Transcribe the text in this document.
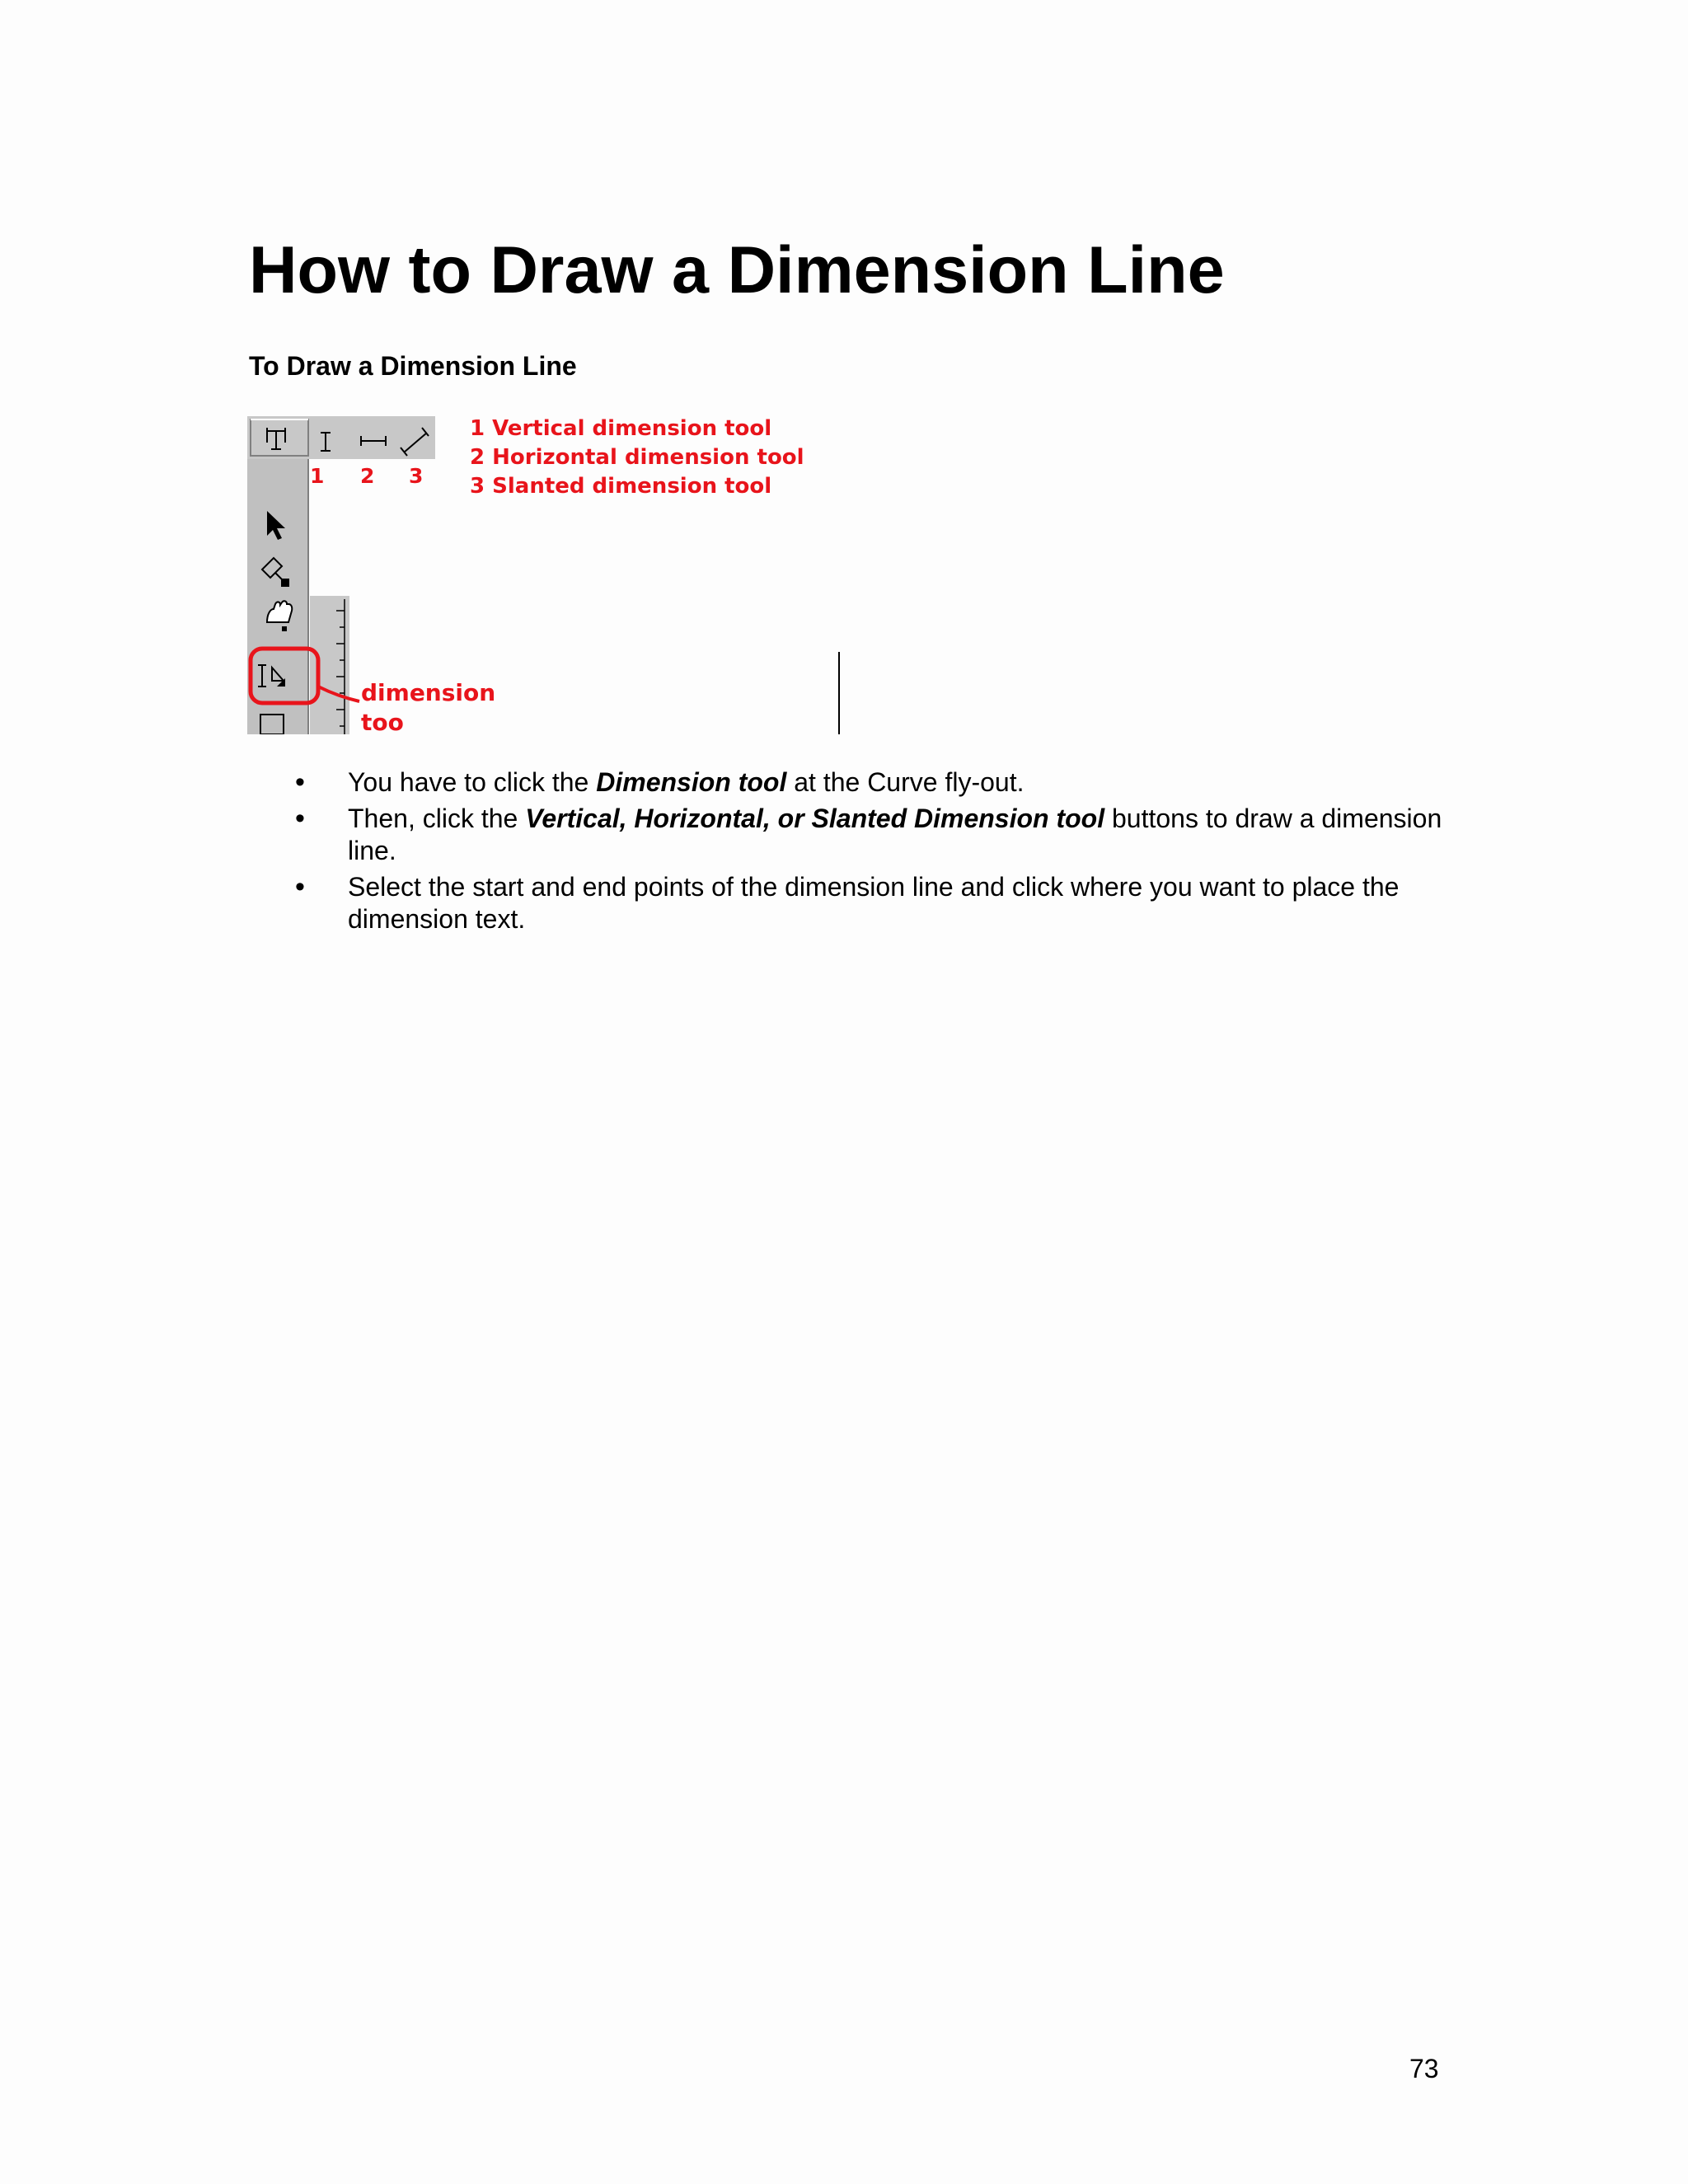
How to Draw a Dimension Line
To Draw a Dimension Line
1 2 3
1 Vertical dimension tool
2 Horizontal dimension tool
3 Slanted dimension tool
dimension
too
• You have to click the Dimension tool at the Curve fly-out.
• Then, click the Vertical, Horizontal, or Slanted Dimension tool buttons to draw a dimension line.
• Select the start and end points of the dimension line and click where you want to place the dimension text.
73
